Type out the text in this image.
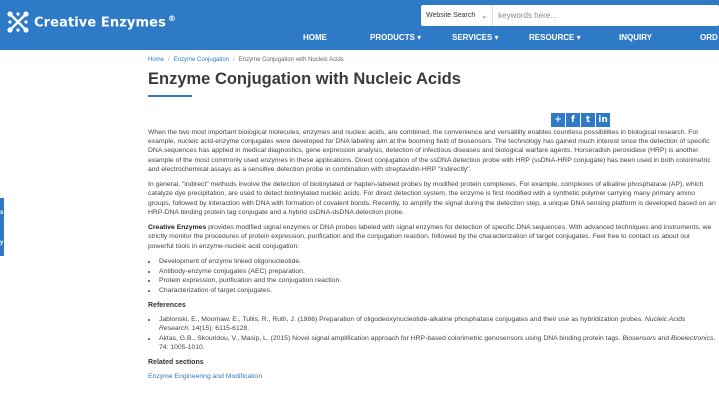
Creative Enzymes ®	Website Search ⌄
keywords here...
HOME	PRODUCTS ▾	SERVICES ▾	RESOURCE ▾	INQUIRY	ORD
s
y
Home / Enzyme Conjugation / Enzyme Conjugation with Nucleic Acids
Enzyme Conjugation with Nucleic Acids
+	f	t in

When the two most important biological molecules, enzymes and nucleic acids, are combined, the convenience and versatility enables countless possibilities in biological research. For example, nucleic acid-enzyme conjugates were developed for DNA labeling aim at the booming field of biosensors. The technology has gained much interest since the detection of specific DNA sequences has applied in medical diagnostics, gene expression analysis, detection of infectious diseases and biological warfare agents. Horseradish peroxidase (HRP) is another example of the most commonly used enzymes in these applications. Direct conjugation of the ssDNA detection probe with HRP (ssDNA-HRP conjugate) has been used in both colorimetric and electrochemical assays as a sensitive detection probe in combination with streptavidin-HRP "indirectly".

In general, "indirect" methods involve the detection of biotinylated or hapten-labeled probes by modified protein complexes. For example, complexes of alkaline phosphatase (AP), which catalyze dye precipitation, are used to detect biotinylated nucleic acids. For direct detection system, the enzyme is first modified with a synthetic polymer carrying many primary amino groups, followed by interaction with DNA with formation of covalent bonds. Recently, to amplify the signal during the detection step, a unique DNA sensing platform is developed based on an HRP-DNA binding protein tag conjugate and a hybrid ssDNA-dsDNA detection probe.

Creative Enzymes provides modified signal enzymes or DNA probes labeled with signal enzymes for detection of specific DNA sequences. With advanced techniques and instruments, we strictly monitor the procedures of protein expression, purification and the conjugation reaction, followed by the characterization of target conjugates. Feel free to contact us about our powerful tools in enzyme-nucleic acid conjugation:

• Development of enzyme linked oligonucleotide.
• Antibody-enzyme conjugates (AEC) preparation.
• Protein expression, purification and the conjugation reaction.
• Characterization of target conjugates.
References
• Jablonski, E., Moomaw, E., Tullis, R., Ruth, J. (1986) Preparation of oligodeoxynucleotide-alkaline phosphatase conjugates and their use as hybridization probes. Nucleic Acids Research. 14(15): 6115-6128.
• Aktas, G.B., Skouridou, V., Masip, L. (2015) Novel signal amplification approach for HRP-based colorimetric genosensors using DNA binding protein tags. Biosensors and Bioelectronics. 74: 1005-1010.
Related sections
Enzyme Engineering and Modification
